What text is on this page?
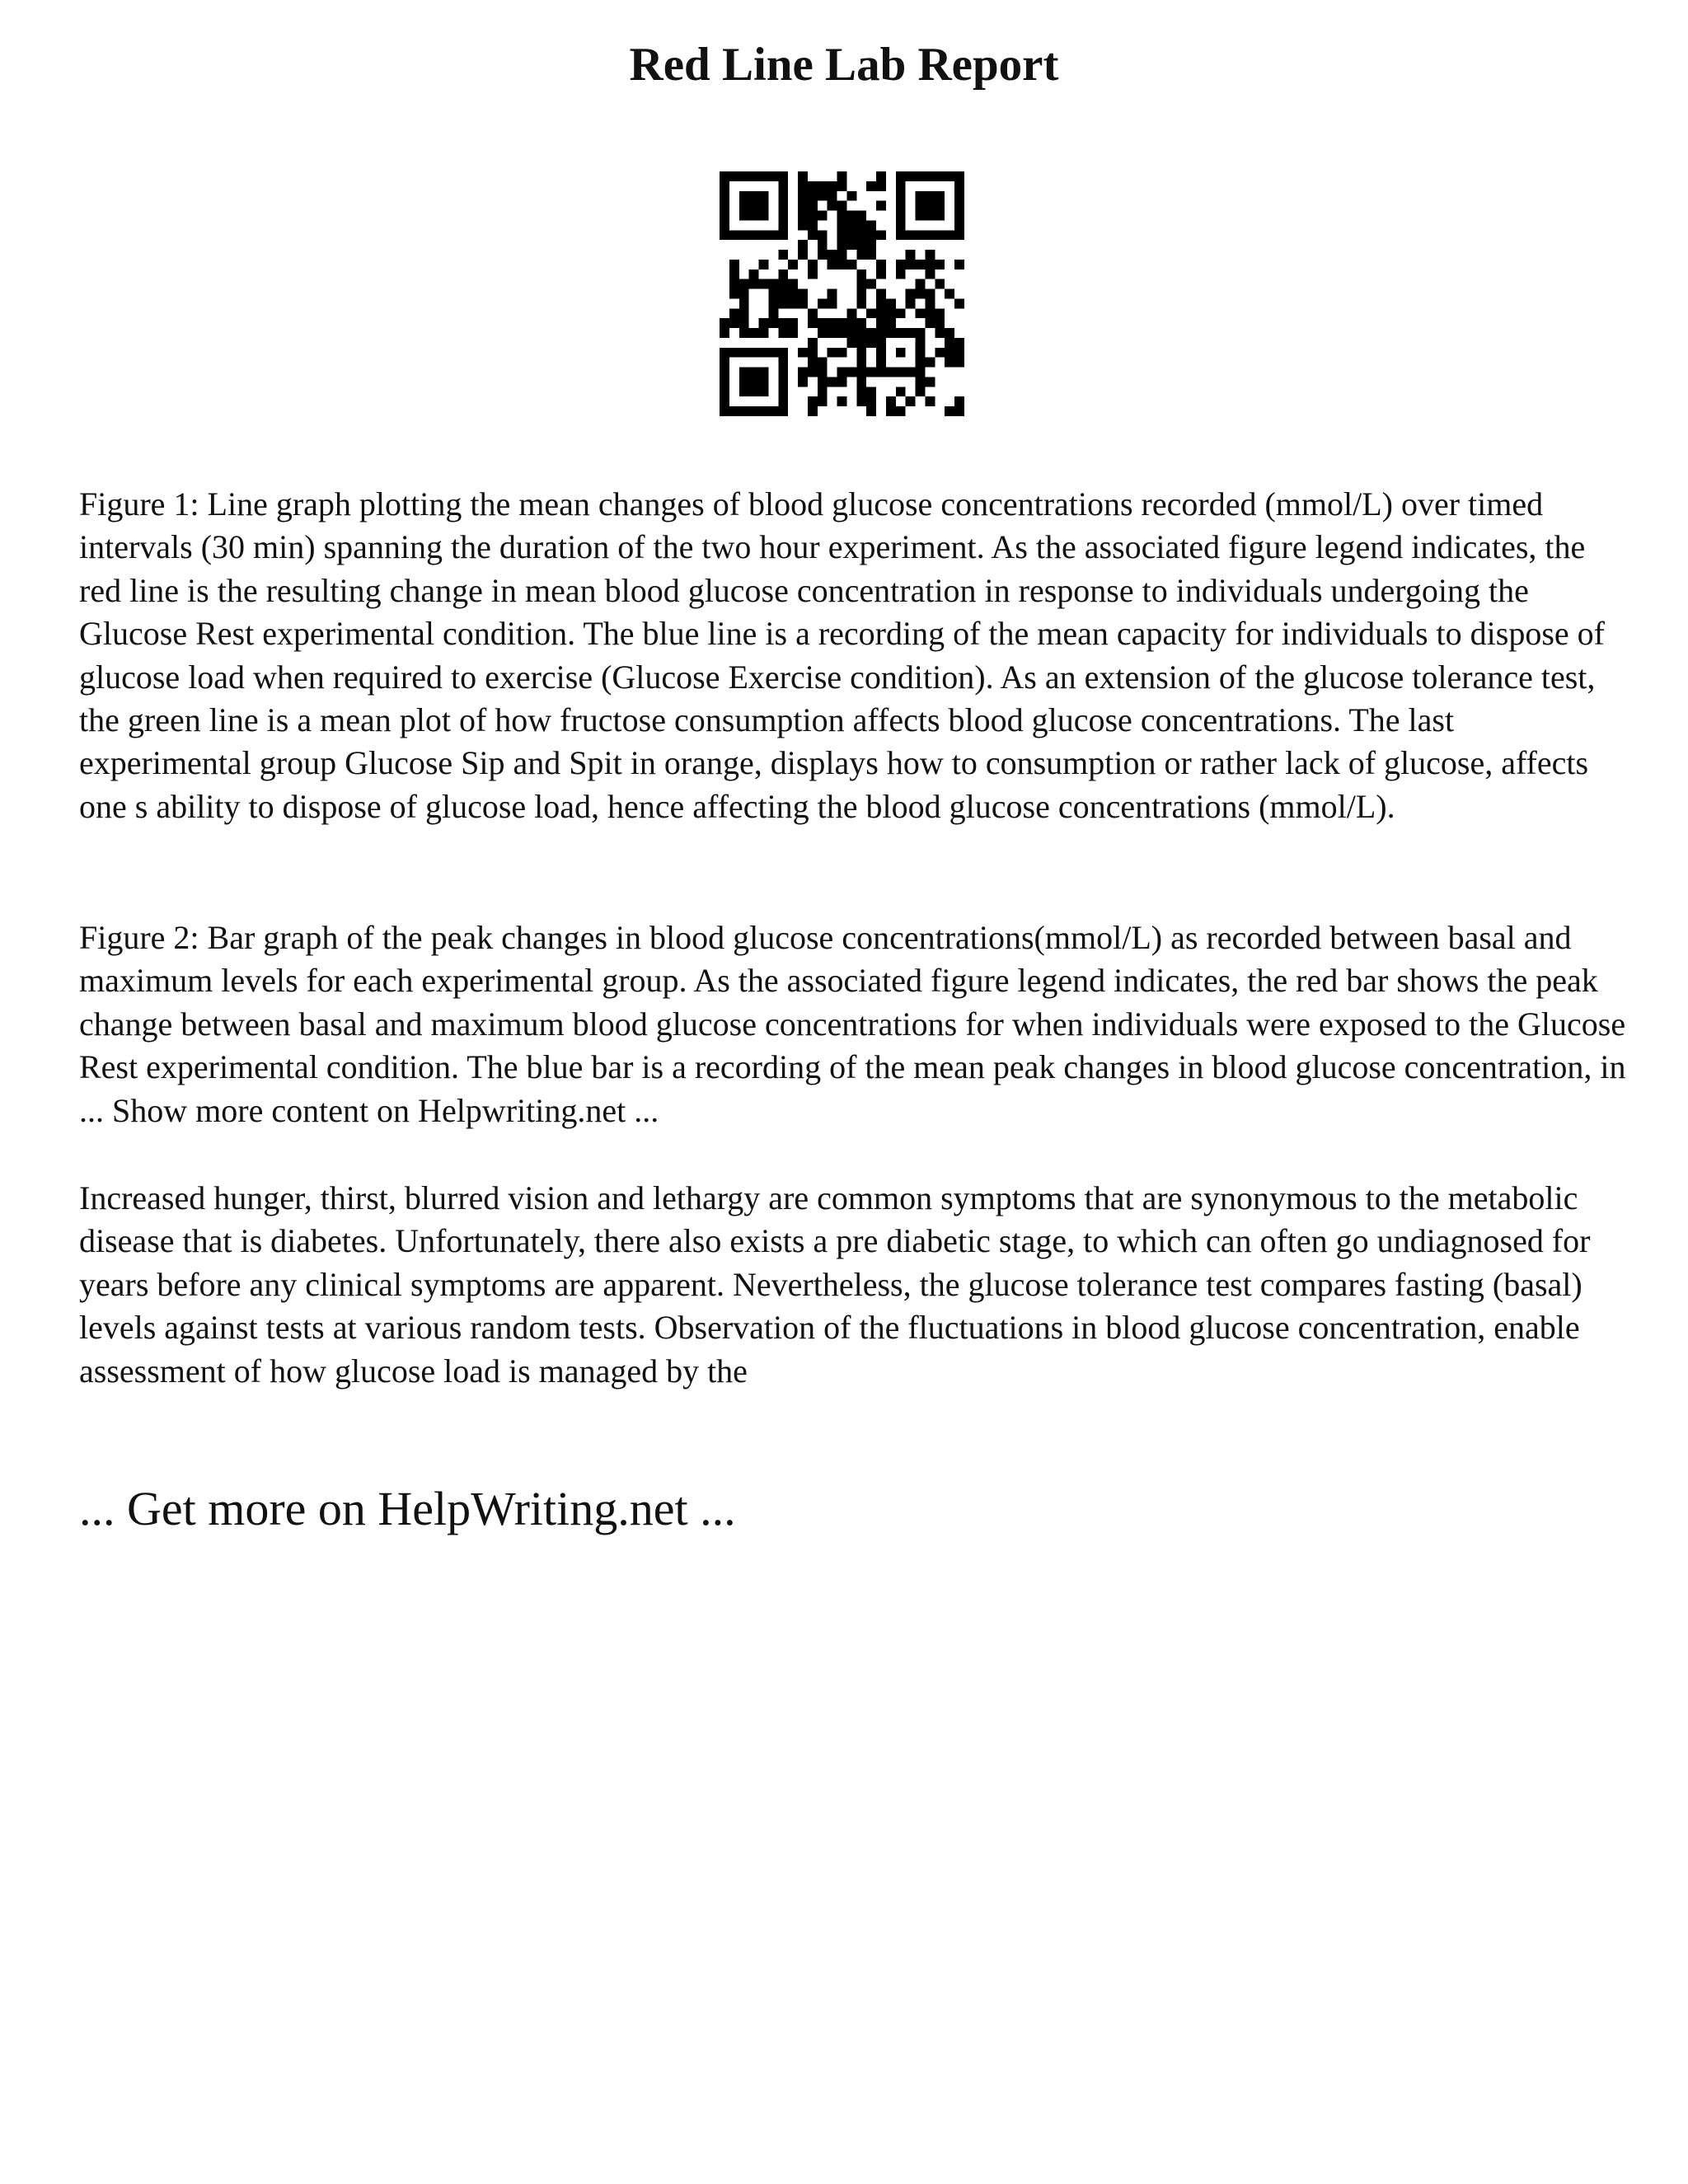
Red Line Lab Report

Figure 1: Line graph plotting the mean changes of blood glucose concentrations recorded (mmol/L) over timed intervals (30 min) spanning the duration of the two hour experiment. As the associated figure legend indicates, the red line is the resulting change in mean blood glucose concentration in response to individuals undergoing the Glucose Rest experimental condition. The blue line is a recording of the mean capacity for individuals to dispose of glucose load when required to exercise (Glucose Exercise condition). As an extension of the glucose tolerance test, the green line is a mean plot of how fructose consumption affects blood glucose concentrations. The last experimental group Glucose Sip and Spit in orange, displays how to consumption or rather lack of glucose, affects one s ability to dispose of glucose load, hence affecting the blood glucose concentrations (mmol/L).

Figure 2: Bar graph of the peak changes in blood glucose concentrations(mmol/L) as recorded between basal and maximum levels for each experimental group. As the associated figure legend indicates, the red bar shows the peak change between basal and maximum blood glucose concentrations for when individuals were exposed to the Glucose Rest experimental condition. The blue bar is a recording of the mean peak changes in blood glucose concentration, in ... Show more content on Helpwriting.net ...

Increased hunger, thirst, blurred vision and lethargy are common symptoms that are synonymous to the metabolic disease that is diabetes. Unfortunately, there also exists a pre diabetic stage, to which can often go undiagnosed for years before any clinical symptoms are apparent. Nevertheless, the glucose tolerance test compares fasting (basal) levels against tests at various random tests. Observation of the fluctuations in blood glucose concentration, enable assessment of how glucose load is managed by the

... Get more on HelpWriting.net ...
